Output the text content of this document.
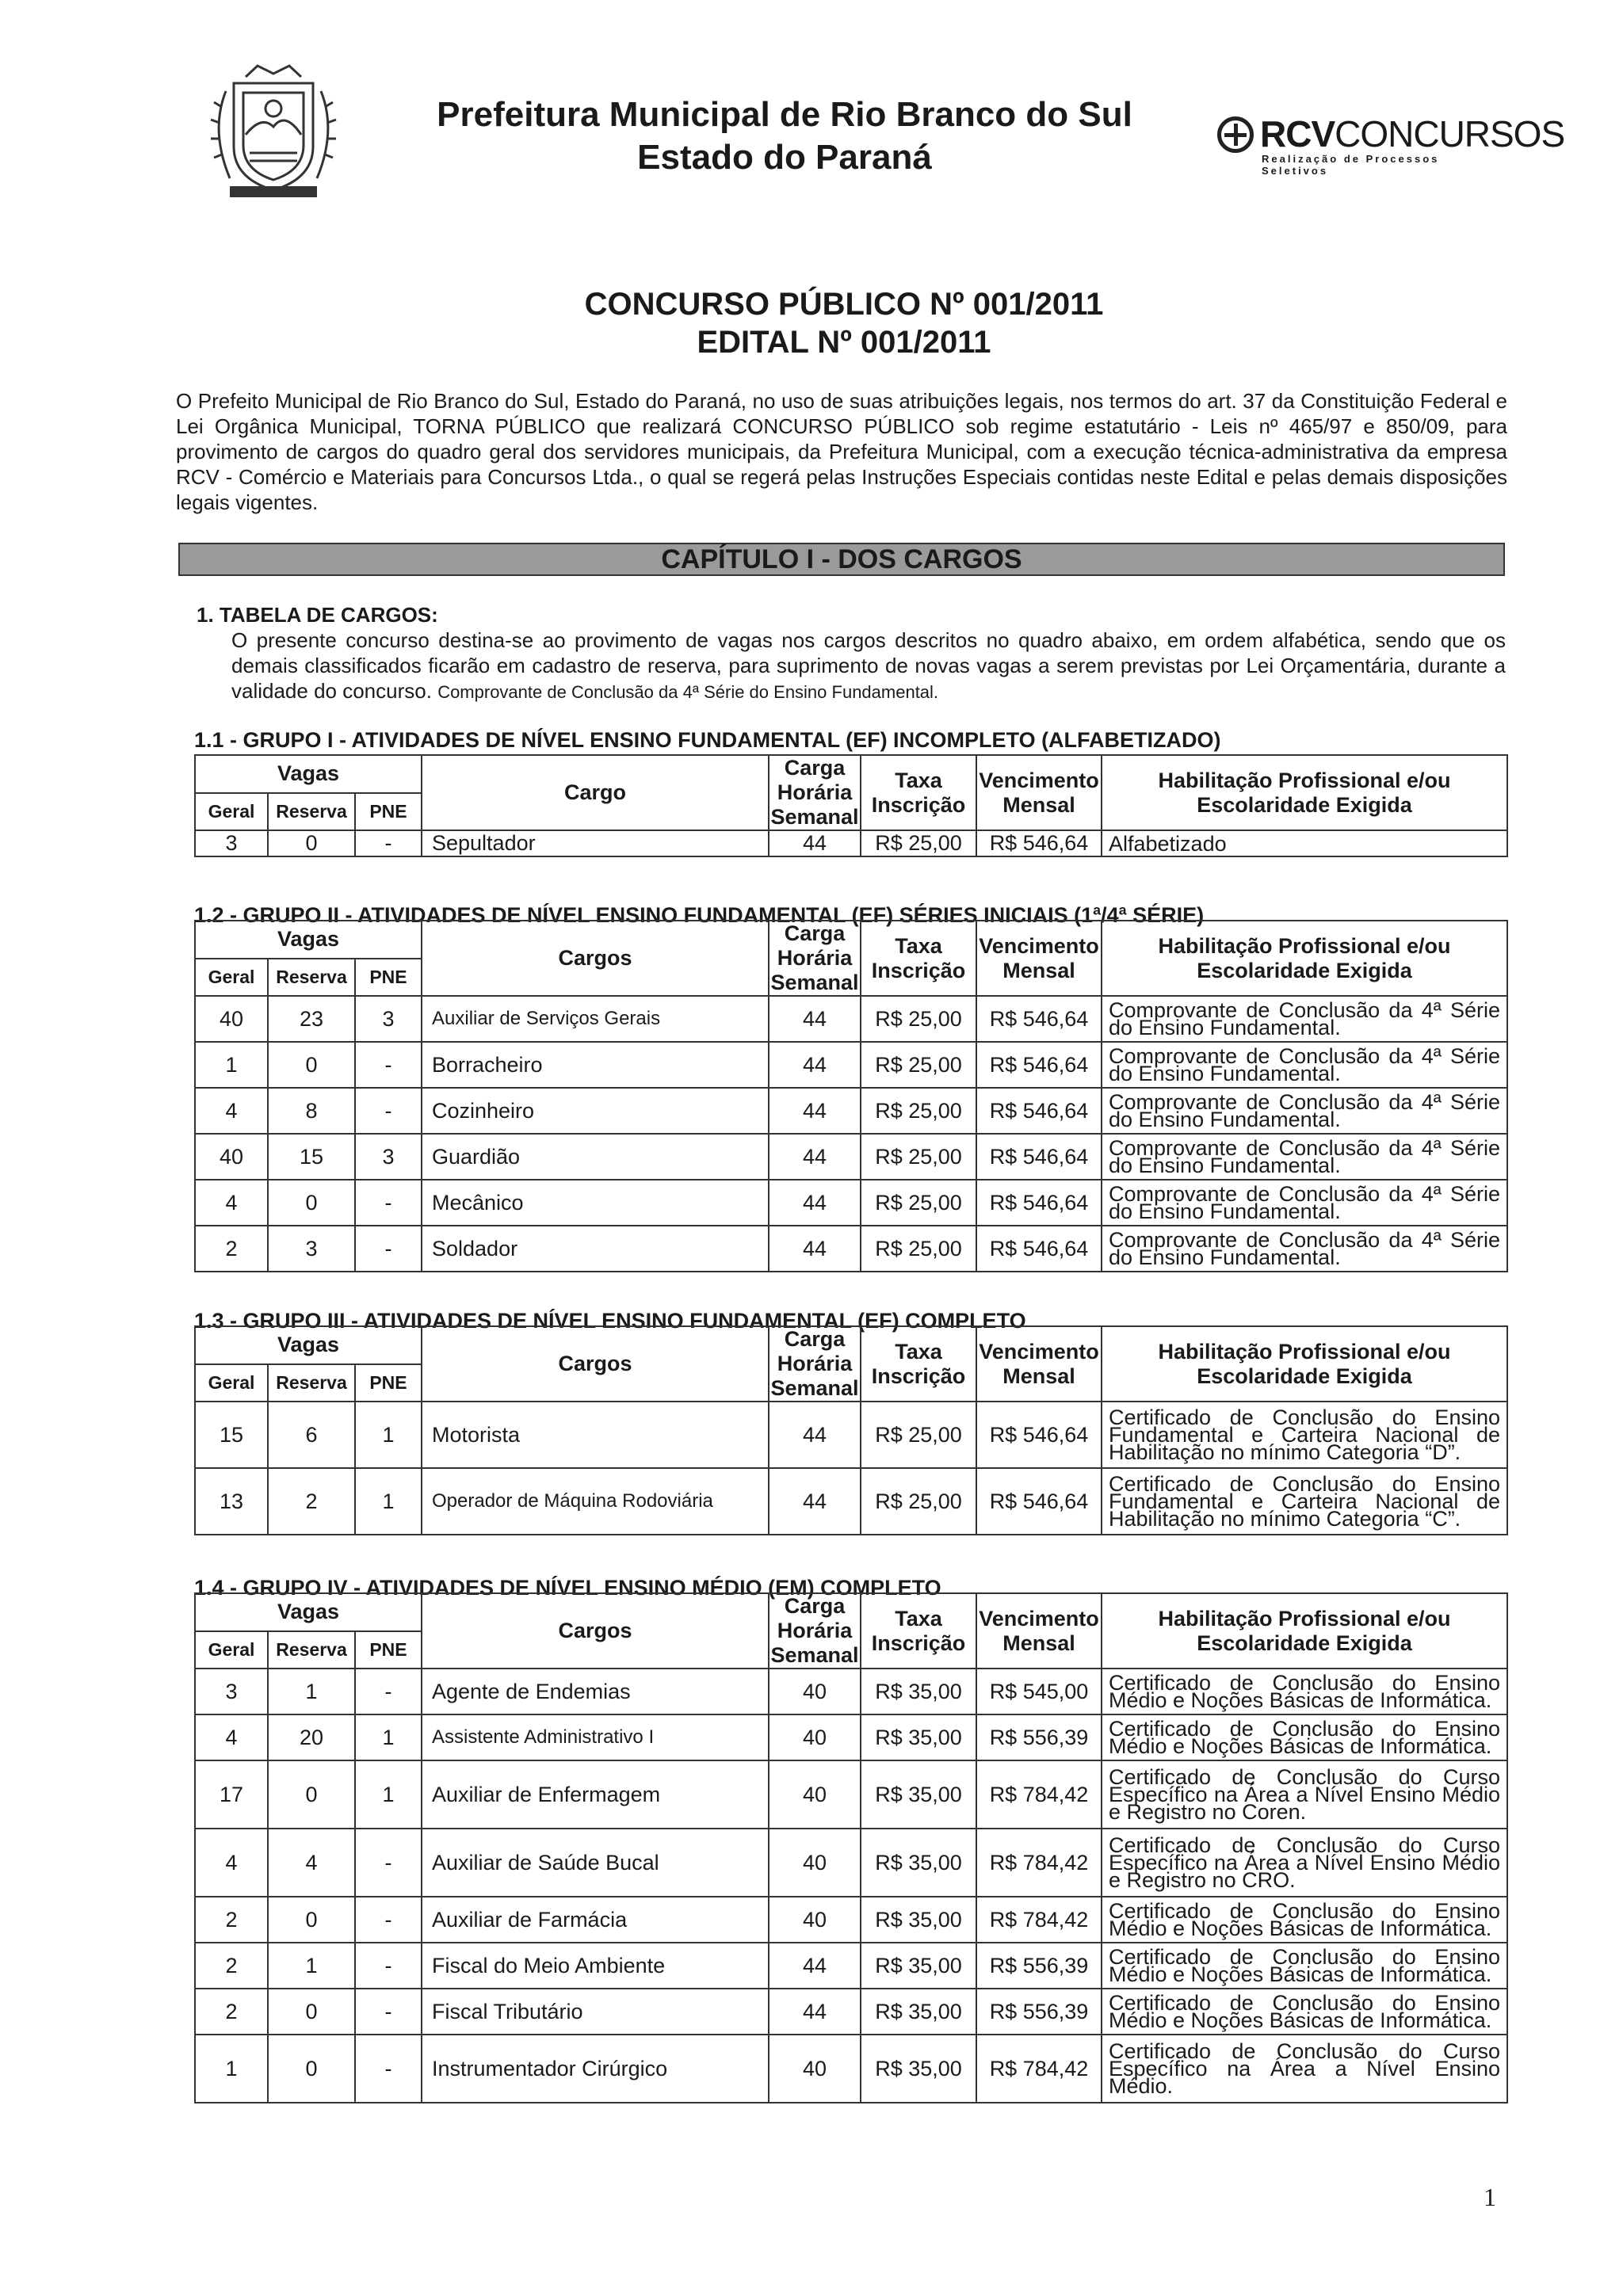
Prefeitura Municipal de Rio Branco do Sul
Estado do Paraná
RCVCONCURSOS
Realização de Processos Seletivos
CONCURSO PÚBLICO Nº 001/2011
EDITAL Nº 001/2011
O Prefeito Municipal de Rio Branco do Sul, Estado do Paraná, no uso de suas atribuições legais, nos termos do art. 37 da Constituição Federal e Lei Orgânica Municipal, TORNA PÚBLICO que realizará CONCURSO PÚBLICO sob regime estatutário - Leis nº 465/97 e 850/09, para provimento de cargos do quadro geral dos servidores municipais, da Prefeitura Municipal, com a execução técnica-administrativa da empresa RCV - Comércio e Materiais para Concursos Ltda., o qual se regerá pelas Instruções Especiais contidas neste Edital e pelas demais disposições legais vigentes.
CAPÍTULO I - DOS CARGOS
1. TABELA DE CARGOS:

O presente concurso destina-se ao provimento de vagas nos cargos descritos no quadro abaixo, em ordem alfabética, sendo que os demais classificados ficarão em cadastro de reserva, para suprimento de novas vagas a serem previstas por Lei Orçamentária, durante a validade do concurso. Comprovante de Conclusão da 4ª Série do Ensino Fundamental.

1.1 - GRUPO I - ATIVIDADES DE NÍVEL ENSINO FUNDAMENTAL (EF) INCOMPLETO (ALFABETIZADO)
Vagas			Cargo	Carga Horária Semanal	Taxa Inscrição	Vencimento Mensal	Habilitação Profissional e/ou Escolaridade Exigida
Geral	Reserva	PNE					
3	0	-	Sepultador	44	R$ 25,00	R$ 546,64	Alfabetizado
1.2 - GRUPO II - ATIVIDADES DE NÍVEL ENSINO FUNDAMENTAL (EF) SÉRIES INICIAIS (1ª/4ª SÉRIE)
Vagas			Cargos	Carga Horária Semanal	Taxa Inscrição	Vencimento Mensal	Habilitação Profissional e/ou Escolaridade Exigida
Geral	Reserva	PNE					
40	23	3	Auxiliar de Serviços Gerais	44	R$ 25,00	R$ 546,64	Comprovante de Conclusão da 4ª Série do Ensino Fundamental.
1	0	-	Borracheiro	44	R$ 25,00	R$ 546,64	Comprovante de Conclusão da 4ª Série do Ensino Fundamental.
4	8	-	Cozinheiro	44	R$ 25,00	R$ 546,64	Comprovante de Conclusão da 4ª Série do Ensino Fundamental.
40	15	3	Guardião	44	R$ 25,00	R$ 546,64	Comprovante de Conclusão da 4ª Série do Ensino Fundamental.
4	0	-	Mecânico	44	R$ 25,00	R$ 546,64	Comprovante de Conclusão da 4ª Série do Ensino Fundamental.
2	3	-	Soldador	44	R$ 25,00	R$ 546,64	Comprovante de Conclusão da 4ª Série do Ensino Fundamental.
1.3 - GRUPO III - ATIVIDADES DE NÍVEL ENSINO FUNDAMENTAL (EF) COMPLETO
Vagas			Cargos	Carga Horária Semanal	Taxa Inscrição	Vencimento Mensal	Habilitação Profissional e/ou Escolaridade Exigida
Geral	Reserva	PNE					
15	6	1	Motorista	44	R$ 25,00	R$ 546,64	Certificado de Conclusão do Ensino Fundamental e Carteira Nacional de Habilitação no mínimo Categoria “D”.
13	2	1	Operador de Máquina Rodoviária	44	R$ 25,00	R$ 546,64	Certificado de Conclusão do Ensino Fundamental e Carteira Nacional de Habilitação no mínimo Categoria “C”.
1.4 - GRUPO IV - ATIVIDADES DE NÍVEL ENSINO MÉDIO (EM) COMPLETO
Vagas			Cargos	Carga Horária Semanal	Taxa Inscrição	Vencimento Mensal	Habilitação Profissional e/ou Escolaridade Exigida
Geral	Reserva	PNE					
3	1	-	Agente de Endemias	40	R$ 35,00	R$ 545,00	Certificado de Conclusão do Ensino Médio e Noções Básicas de Informática.
4	20	1	Assistente Administrativo I	40	R$ 35,00	R$ 556,39	Certificado de Conclusão do Ensino Médio e Noções Básicas de Informática.
17	0	1	Auxiliar de Enfermagem	40	R$ 35,00	R$ 784,42	Certificado de Conclusão do Curso Específico na Área a Nível Ensino Médio e Registro no Coren.
4	4	-	Auxiliar de Saúde Bucal	40	R$ 35,00	R$ 784,42	Certificado de Conclusão do Curso Específico na Área a Nível Ensino Médio e Registro no CRO.
2	0	-	Auxiliar de Farmácia	40	R$ 35,00	R$ 784,42	Certificado de Conclusão do Ensino Médio e Noções Básicas de Informática.
2	1	-	Fiscal do Meio Ambiente	44	R$ 35,00	R$ 556,39	Certificado de Conclusão do Ensino Médio e Noções Básicas de Informática.
2	0	-	Fiscal Tributário	44	R$ 35,00	R$ 556,39	Certificado de Conclusão do Ensino Médio e Noções Básicas de Informática.
1	0	-	Instrumentador Cirúrgico	40	R$ 35,00	R$ 784,42	Certificado de Conclusão do Curso Específico na Área a Nível Ensino Médio.
1
